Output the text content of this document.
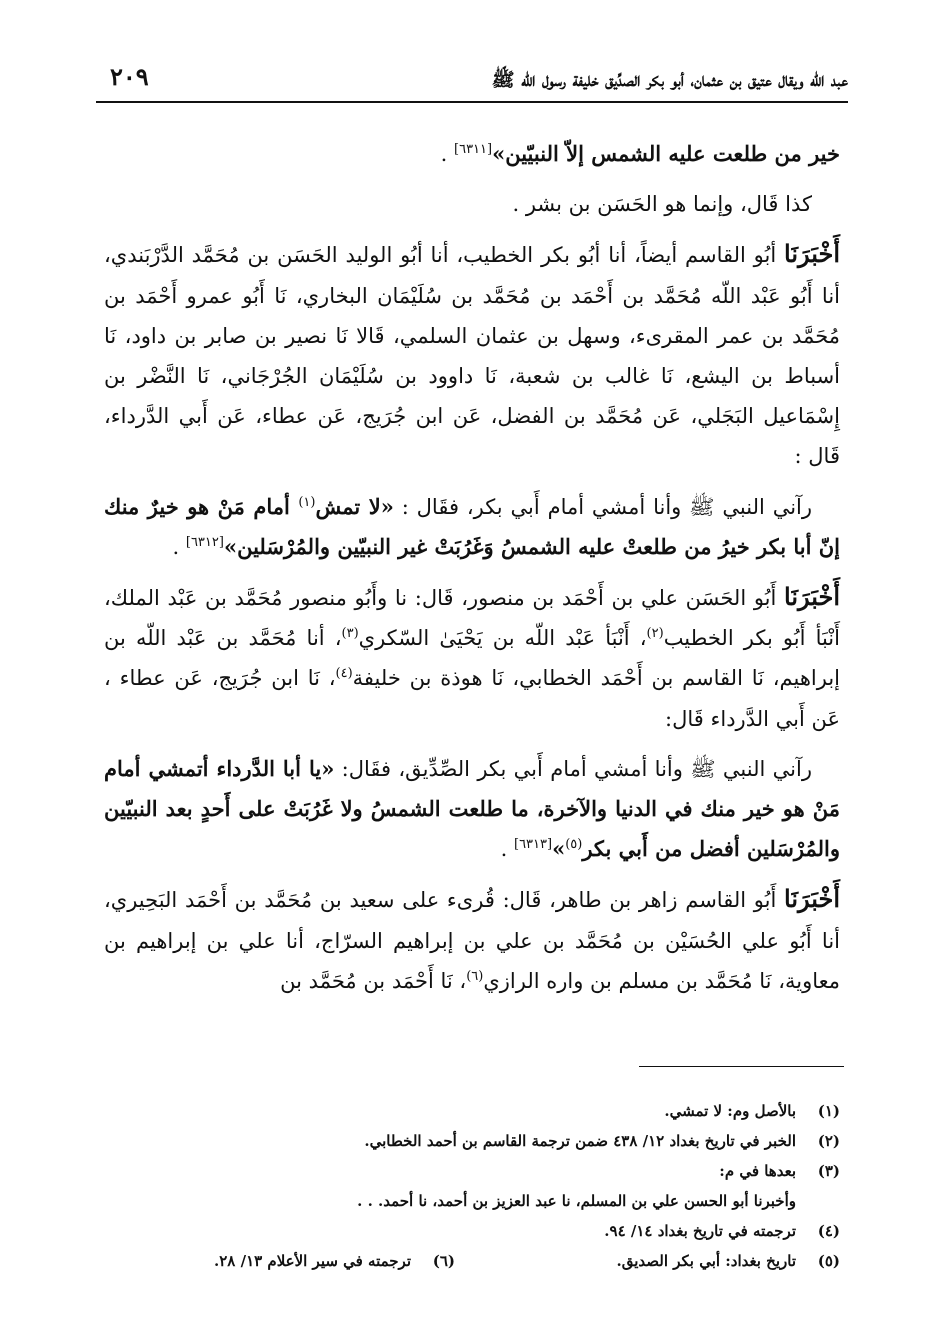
عبد الله ويقال عتيق بن عثمان، أبو بكر الصدِّيق خليفة رسول الله ﷺ
٢٠٩

خير من طلعت عليه الشمس إلاّ النبيّين»[٦٣١١] .

كذا قَال، وإنما هو الحَسَن بن بشر .

أَخْبَرَنَا أبُو القاسم أيضاً، أنا أبُو بكر الخطيب، أنا أبُو الوليد الحَسَن بن مُحَمَّد الدَّرْبَندي، أنا أَبُو عَبْد اللّه مُحَمَّد بن أَحْمَد بن مُحَمَّد بن سُلَيْمَان البخاري، نَا أَبُو عمرو أَحْمَد بن مُحَمَّد بن عمر المقرىء، وسهل بن عثمان السلمي، قَالا نَا نصير بن صابر بن داود، نَا أسباط بن اليشع، نَا غالب بن شعبة، نَا داوود بن سُلَيْمَان الجُرْجَاني، نَا النَّضْر بن إِسْمَاعيل البَجَلي، عَن مُحَمَّد بن الفضل، عَن ابن جُرَيج، عَن عطاء، عَن أَبي الدَّرداء، قَال :

رآني النبي ﷺ وأنا أمشي أمام أَبي بكر، فقَال : «لا تمش$^{(١)}$ أمام مَنْ هو خيرٌ منك إنّ أبا بكر خيرُ من طلعتْ عليه الشمسُ وَغَرُبَتْ غير النبيّين والمُرْسَلين»[٦٣١٢] .

أَخْبَرَنَا أَبُو الحَسَن علي بن أَحْمَد بن منصور، قَال: نا وأَبُو منصور مُحَمَّد بن عَبْد الملك، أَنْبَأ أَبُو بكر الخطيب$^{(٢)}$، أَنْبَأ عَبْد اللّه بن يَحْيَىٰ السّكري$^{(٣)}$، أنا مُحَمَّد بن عَبْد اللّه بن إبراهيم، نَا القاسم بن أَحْمَد الخطابي، نَا هوذة بن خليفة$^{(٤)}$، نَا ابن جُرَيج، عَن عطاء ، عَن أَبي الدَّرداء قَال:

رآني النبي ﷺ وأنا أمشي أمام أَبي بكر الصِّدِّيق، فقَال: «يا أبا الدَّرداء أتمشي أمام مَنْ هو خير منك في الدنيا والآخرة، ما طلعت الشمسُ ولا غَرُبَتْ على أَحدٍ بعد النبيّين والمُرْسَلين أفضل من أَبي بكر$^{(٥)}$»[٦٣١٣] .

أَخْبَرَنَا أَبُو القاسم زاهر بن طاهر، قَال: قُرىء على سعيد بن مُحَمَّد بن أَحْمَد البَحِيري، أنا أَبُو علي الحُسَيْن بن مُحَمَّد بن علي بن إبراهيم السرّاج، أنا علي بن إبراهيم بن معاوية، نَا مُحَمَّد بن مسلم بن واره الرازي$^{(٦)}$، نَا أَحْمَد بن مُحَمَّد بن

(١)بالأصل وم: لا تمشي.
(٢)الخبر في تاريخ بغداد ١٢/ ٤٣٨ ضمن ترجمة القاسم بن أحمد الخطابي.
(٣)بعدها في م:
وأخبرنا أبو الحسن علي بن المسلم، نا عبد العزيز بن أحمد، نا أحمد. . .
(٤)ترجمته في تاريخ بغداد ١٤/ ٩٤.
(٥)تاريخ بغداد: أبي بكر الصديق.
(٦)ترجمته في سير الأعلام ١٣/ ٢٨.
